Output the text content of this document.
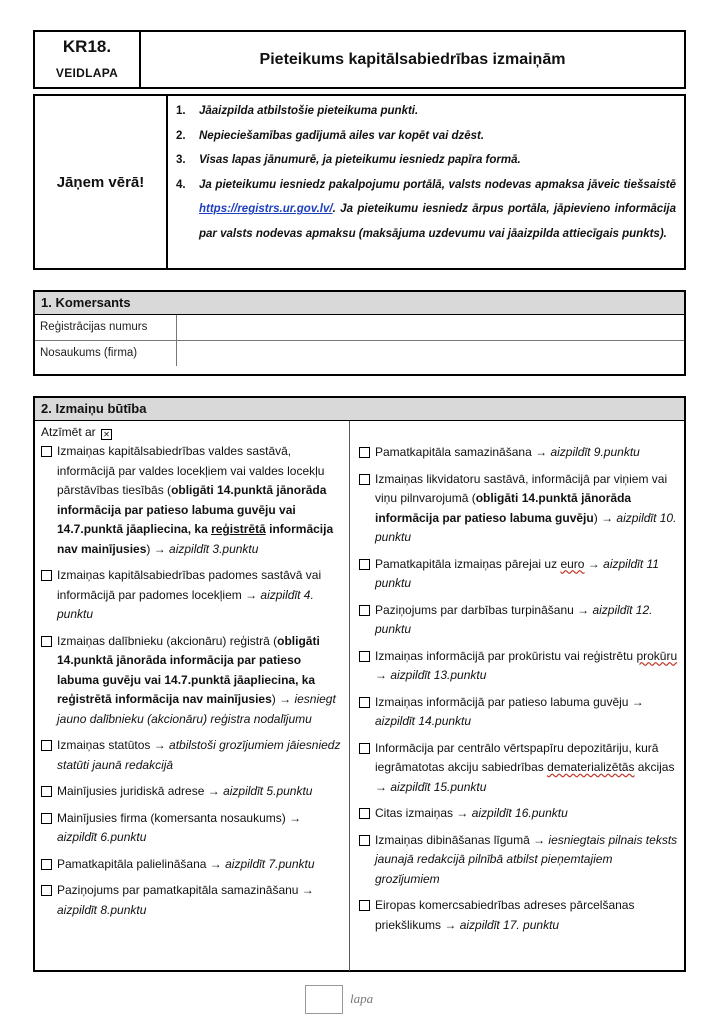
KR18.
VEIDLAPA
Pieteikums kapitālsabiedrības izmaiņām
Jāņem vērā!
1.	Jāaizpilda atbilstošie pieteikuma punkti.
2.	Nepieciešamības gadījumā ailes var kopēt vai dzēst.
3.	Visas lapas jānumurē, ja pieteikumu iesniedz papīra formā.
4.	Ja pieteikumu iesniedz pakalpojumu portālā, valsts nodevas apmaksa jāveic tiešsaistē https://registrs.ur.gov.lv/. Ja pieteikumu iesniedz ārpus portāla, jāpievieno informācija par valsts nodevas apmaksu (maksājuma uzdevumu vai jāaizpilda attiecīgais punkts).
1. Komersants
Reģistrācijas numurs
Nosaukums (firma)
2. Izmaiņu būtība
Atzīmēt ar ✕
Izmaiņas kapitālsabiedrības valdes sastāvā, informācijā par valdes locekļiem vai valdes locekļu pārstāvības tiesībās (obligāti 14.punktā jānorāda informācija par patieso labuma guvēju vai 14.7.punktā jāapliecina, ka reģistrētā informācija nav mainījusies) → aizpildīt 3.punktu
Izmaiņas kapitālsabiedrības padomes sastāvā vai informācijā par padomes locekļiem → aizpildīt 4. punktu
Izmaiņas dalībnieku (akcionāru) reģistrā (obligāti 14.punktā jānorāda informācija par patieso labuma guvēju vai 14.7.punktā jāapliecina, ka reģistrētā informācija nav mainījusies) → iesniegt jauno dalībnieku (akcionāru) reģistra nodalījumu
Izmaiņas statūtos → atbilstoši grozījumiem jāiesniedz statūti jaunā redakcijā
Mainījusies juridiskā adrese → aizpildīt 5.punktu
Mainījusies firma (komersanta nosaukums) → aizpildīt 6.punktu
Pamatkapitāla palielināšana → aizpildīt 7.punktu
Paziņojums par pamatkapitāla samazināšanu → aizpildīt 8.punktu
Pamatkapitāla samazināšana → aizpildīt 9.punktu
Izmaiņas likvidatoru sastāvā, informācijā par viņiem vai viņu pilnvarojumā (obligāti 14.punktā jānorāda informācija par patieso labuma guvēju) → aizpildīt 10. punktu
Pamatkapitāla izmaiņas pārejai uz euro → aizpildīt 11 punktu
Paziņojums par darbības turpināšanu → aizpildīt 12. punktu
Izmaiņas informācijā par prokūristu vai reģistrētu prokūru → aizpildīt 13.punktu
Izmaiņas informācijā par patieso labuma guvēju → aizpildīt 14.punktu
Informācija par centrālo vērtspapīru depozitāriju, kurā iegrāmatotas akciju sabiedrības dematerializētās akcijas → aizpildīt 15.punktu
Citas izmaiņas → aizpildīt 16.punktu
Izmaiņas dibināšanas līgumā → iesniegtais pilnais teksts jaunajā redakcijā pilnībā atbilst pieņemtajiem grozījumiem
Eiropas komercsabiedrības adreses pārcelšanas priekšlikums → aizpildīt 17. punktu
lapa
